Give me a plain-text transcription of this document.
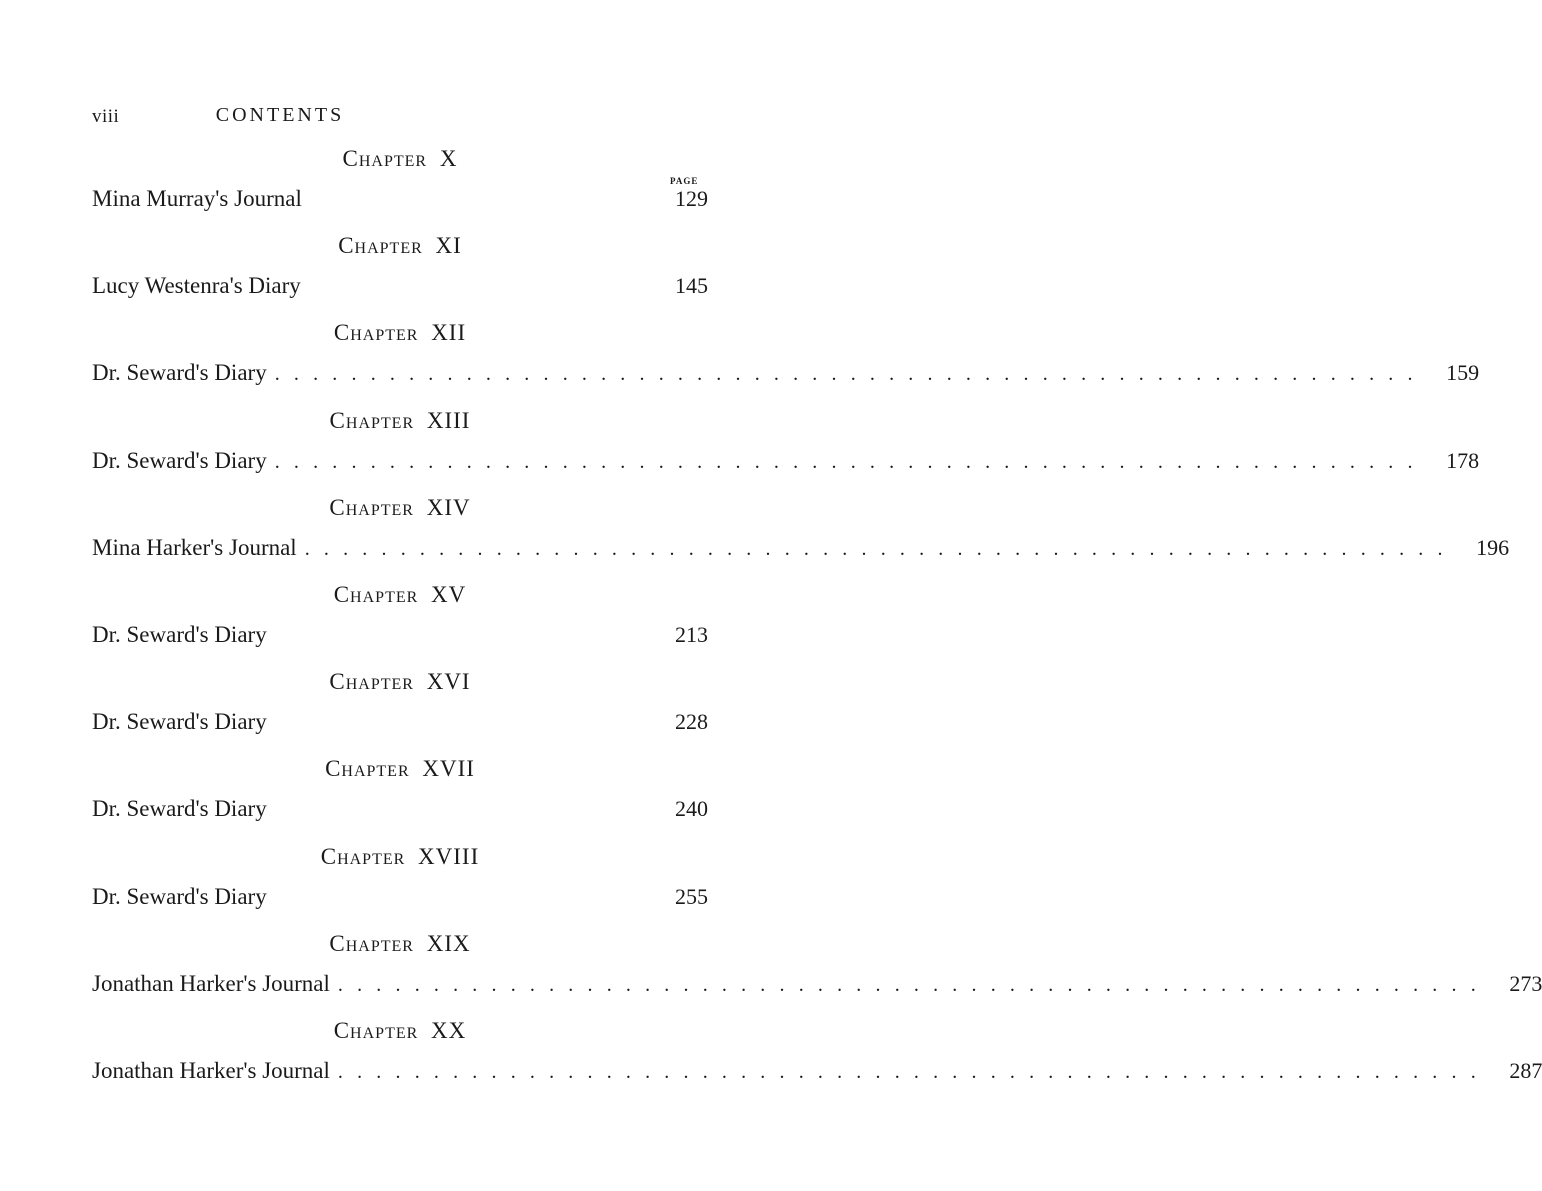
viii	CONTENTS
PAGE
Chapter X
Mina Murray's Journal	129
Chapter XI
Lucy Westenra's Diary	145
Chapter XII
Dr. Seward's Diary . . . . . . . . . . . . . . . . . . . . . . . . . . . . . . . . . . . . . . . . . . . . . . . . . . . . . . . . . . . . 159
Chapter XIII
Dr. Seward's Diary . . . . . . . . . . . . . . . . . . . . . . . . . . . . . . . . . . . . . . . . . . . . . . . . . . . . . . . . . . . . 178
Chapter XIV
Mina Harker's Journal . . . . . . . . . . . . . . . . . . . . . . . . . . . . . . . . . . . . . . . . . . . . . . . . . . . . . . . . . . . . 196
Chapter XV
Dr. Seward's Diary	213
Chapter XVI
Dr. Seward's Diary	228
Chapter XVII
Dr. Seward's Diary	240
Chapter XVIII
Dr. Seward's Diary	255
Chapter XIX
Jonathan Harker's Journal . . . . . . . . . . . . . . . . . . . . . . . . . . . . . . . . . . . . . . . . . . . . . . . . . . . . . . . . . . . . 273
Chapter XX
Jonathan Harker's Journal . . . . . . . . . . . . . . . . . . . . . . . . . . . . . . . . . . . . . . . . . . . . . . . . . . . . . . . . . . . . 287
